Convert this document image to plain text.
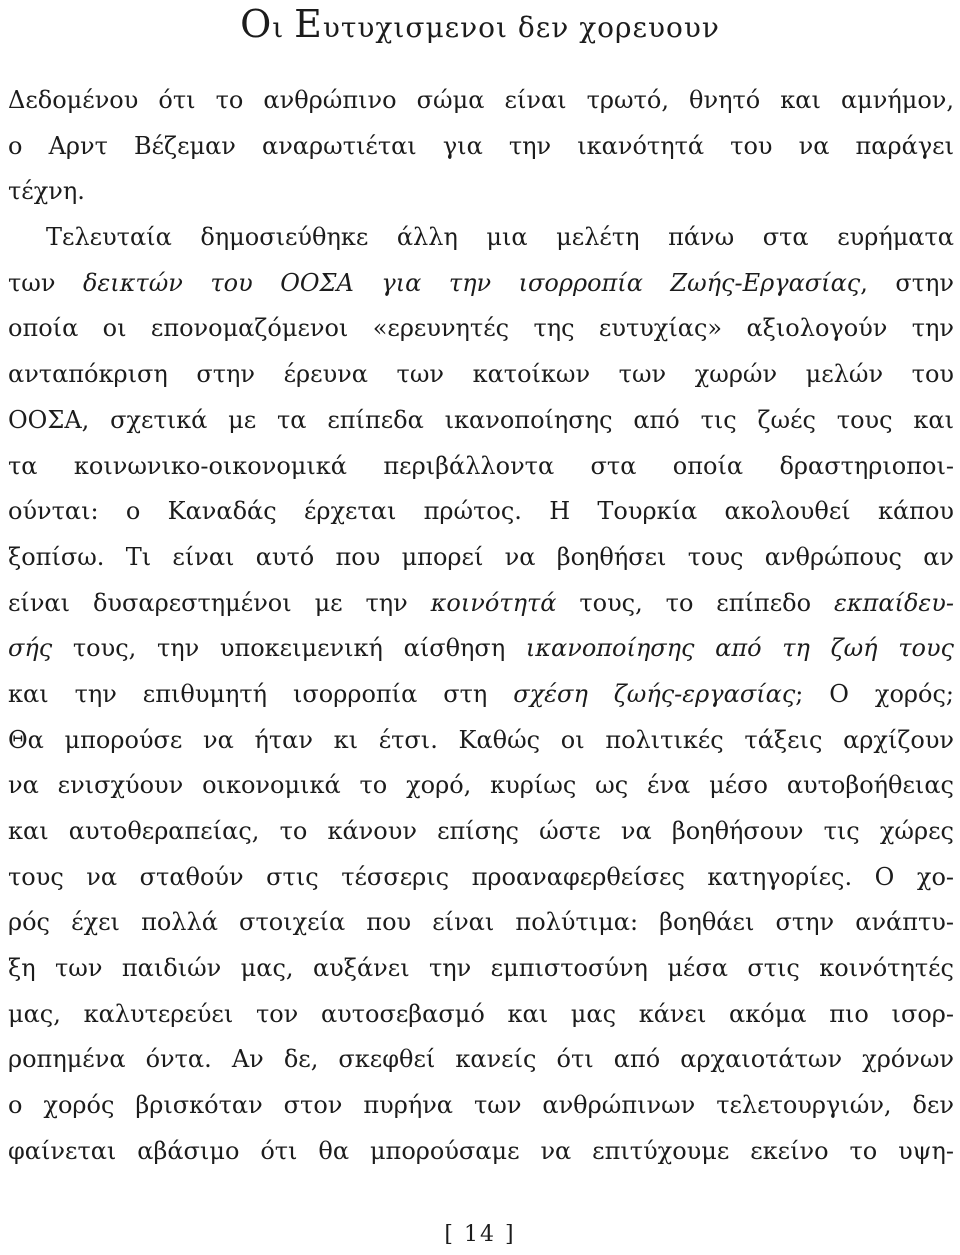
Οι Ευτυχισμενοι δεν χορευουν
Δεδομένου ότι το ανθρώπινο σώμα είναι τρωτό, θνητό και αμνήμον,
ο Αρντ Βέζεμαν αναρωτιέται για την ικανότητά του να παράγει
τέχνη.
Τελευταία δημοσιεύθηκε άλλη μια μελέτη πάνω στα ευρήματα
των δεικτών του ΟΟΣΑ για την ισορροπία Ζωής-Εργασίας, στην
οποία οι επονομαζόμενοι «ερευνητές της ευτυχίας» αξιολογούν την
ανταπόκριση στην έρευνα των κατοίκων των χωρών μελών του
ΟΟΣΑ, σχετικά με τα επίπεδα ικανοποίησης από τις ζωές τους και
τα κοινωνικο-οικονομικά περιβάλλοντα στα οποία δραστηριοποι-
ούνται: ο Καναδάς έρχεται πρώτος. Η Τουρκία ακολουθεί κάπου
ξοπίσω. Τι είναι αυτό που μπορεί να βοηθήσει τους ανθρώπους αν
είναι δυσαρεστημένοι με την κοινότητά τους, το επίπεδο εκπαίδευ-
σής τους, την υποκειμενική αίσθηση ικανοποίησης από τη ζωή τους
και την επιθυμητή ισορροπία στη σχέση ζωής-εργασίας; Ο χορός;
Θα μπορούσε να ήταν κι έτσι. Καθώς οι πολιτικές τάξεις αρχίζουν
να ενισχύουν οικονομικά το χορό, κυρίως ως ένα μέσο αυτοβοήθειας
και αυτοθεραπείας, το κάνουν επίσης ώστε να βοηθήσουν τις χώρες
τους να σταθούν στις τέσσερις προαναφερθείσες κατηγορίες. Ο χο-
ρός έχει πολλά στοιχεία που είναι πολύτιμα: βοηθάει στην ανάπτυ-
ξη των παιδιών μας, αυξάνει την εμπιστοσύνη μέσα στις κοινότητές
μας, καλυτερεύει τον αυτοσεβασμό και μας κάνει ακόμα πιο ισορ-
ροπημένα όντα. Αν δε, σκεφθεί κανείς ότι από αρχαιοτάτων χρόνων
ο χορός βρισκόταν στον πυρήνα των ανθρώπινων τελετουργιών, δεν
φαίνεται αβάσιμο ότι θα μπορούσαμε να επιτύχουμε εκείνο το υψη-
[ 14 ]
